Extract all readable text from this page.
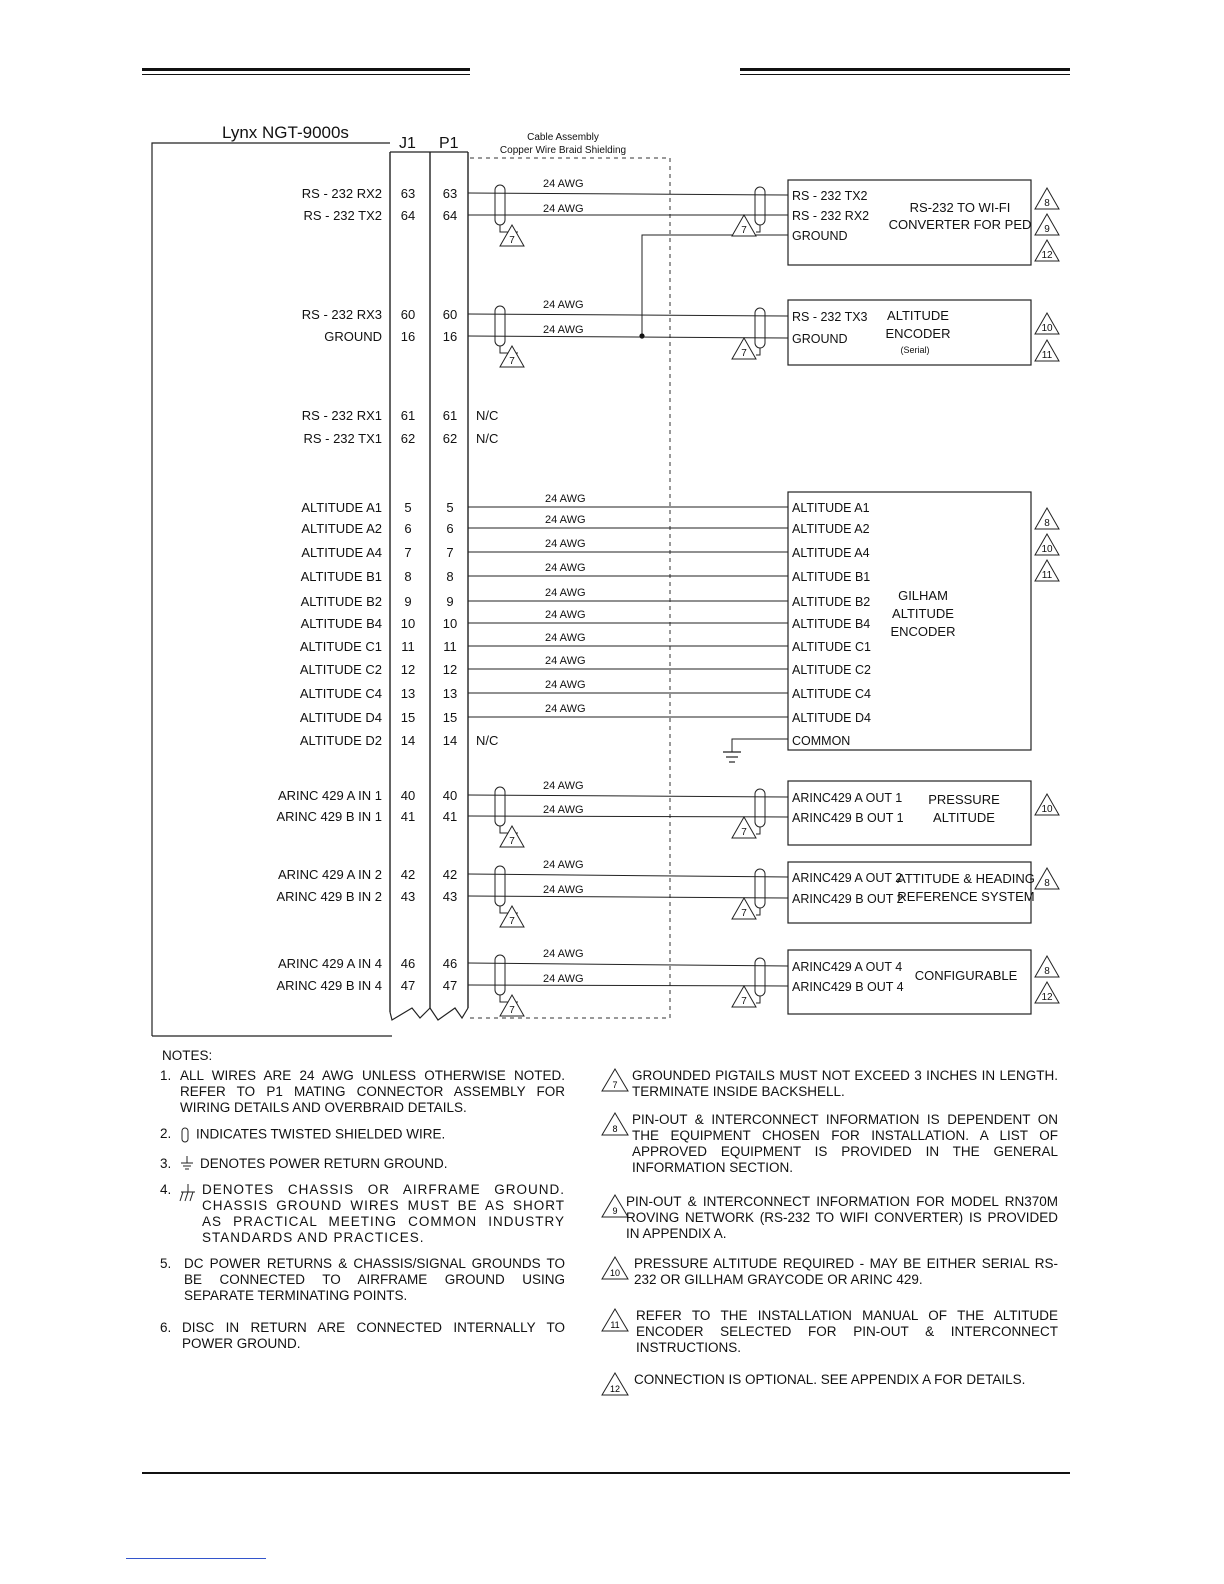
Lynx NGT-9000s
J1 P1	Cable Assembly
Copper Wire Braid Shielding
RS - 232 RX2 63 63
RS - 232 TX2 64 64
RS - 232 RX3 60 60
GROUND 16 16
RS - 232 RX1 61 61 N/C
RS - 232 TX1 62 62 N/C
ALTITUDE A1 5	5
ALTITUDE A2 6	6
ALTITUDE A4 7	7
ALTITUDE B1 8	8
ALTITUDE B2 9	9
ALTITUDE B4 10 10
ALTITUDE C1 11 11
ALTITUDE C2 12 12
ALTITUDE C4 13 13
ALTITUDE D4 15 15
ALTITUDE D2 14 14 N/C
ARINC 429 A IN 1 40 40
ARINC 429 B IN 1 41 41
ARINC 429 A IN 2 42 42
ARINC 429 B IN 2 43 43
ARINC 429 A IN 4 46 46
ARINC 429 B IN 4 47 47
24 AWG
24 AWG
7
7
24 AWG
24 AWG
7
7
24 AWG
24 AWG
7
7
24 AWG
24 AWG
7
7
24 AWG
24 AWG
7
7
24 AWG
24 AWG
24 AWG
24 AWG
24 AWG
24 AWG
24 AWG
24 AWG
24 AWG
24 AWG
RS - 232 TX2
RS - 232 RX2
GROUND
RS-232 TO WI-FI
CONVERTER FOR PED
8
9
12
RS - 232 TX3
GROUND
ALTITUDE
ENCODER
(Serial)
10
11
ALTITUDE A1
ALTITUDE A2
ALTITUDE A4
ALTITUDE B1
ALTITUDE B2
ALTITUDE B4
ALTITUDE C1
ALTITUDE C2
ALTITUDE C4
ALTITUDE D4
COMMON
GILHAM
ALTITUDE
ENCODER
8
10
11
ARINC429 A OUT 1
ARINC429 B OUT 1
PRESSURE
ALTITUDE
10
ARINC429 A OUT 2
ARINC429 B OUT 2
ATTITUDE & HEADING
REFERENCE SYSTEM
8
ARINC429 A OUT 4
ARINC429 B OUT 4
CONFIGURABLE	8
12
NOTES:
1. ALL WIRES ARE 24 AWG UNLESS OTHERWISE NOTED. REFER TO P1 MATING CONNECTOR ASSEMBLY FOR WIRING DETAILS AND OVERBRAID DETAILS.
2.	INDICATES TWISTED SHIELDED WIRE.
3.	DENOTES POWER RETURN GROUND.
4. DENOTES CHASSIS OR AIRFRAME GROUND. CHASSIS GROUND WIRES MUST BE AS SHORT AS PRACTICAL MEETING COMMON INDUSTRY STANDARDS AND PRACTICES.
5. DC POWER RETURNS & CHASSIS/SIGNAL GROUNDS TO BE CONNECTED TO AIRFRAME GROUND USING SEPARATE TERMINATING POINTS.
6. DISC IN RETURN ARE CONNECTED INTERNALLY TO POWER GROUND.
7
GROUNDED PIGTAILS MUST NOT EXCEED 3 INCHES IN LENGTH. TERMINATE INSIDE BACKSHELL.
8
PIN-OUT & INTERCONNECT INFORMATION IS DEPENDENT ON THE EQUIPMENT CHOSEN FOR INSTALLATION. A LIST OF APPROVED EQUIPMENT IS PROVIDED IN THE GENERAL INFORMATION SECTION.
9
PIN-OUT & INTERCONNECT INFORMATION FOR MODEL RN370M ROVING NETWORK (RS-232 TO WIFI CONVERTER) IS PROVIDED IN APPENDIX A.
10
PRESSURE ALTITUDE REQUIRED - MAY BE EITHER SERIAL RS-232 OR GILLHAM GRAYCODE OR ARINC 429.
11
REFER TO THE INSTALLATION MANUAL OF THE ALTITUDE ENCODER SELECTED FOR PIN-OUT & INTERCONNECT INSTRUCTIONS.
12
CONNECTION IS OPTIONAL. SEE APPENDIX A FOR DETAILS.
